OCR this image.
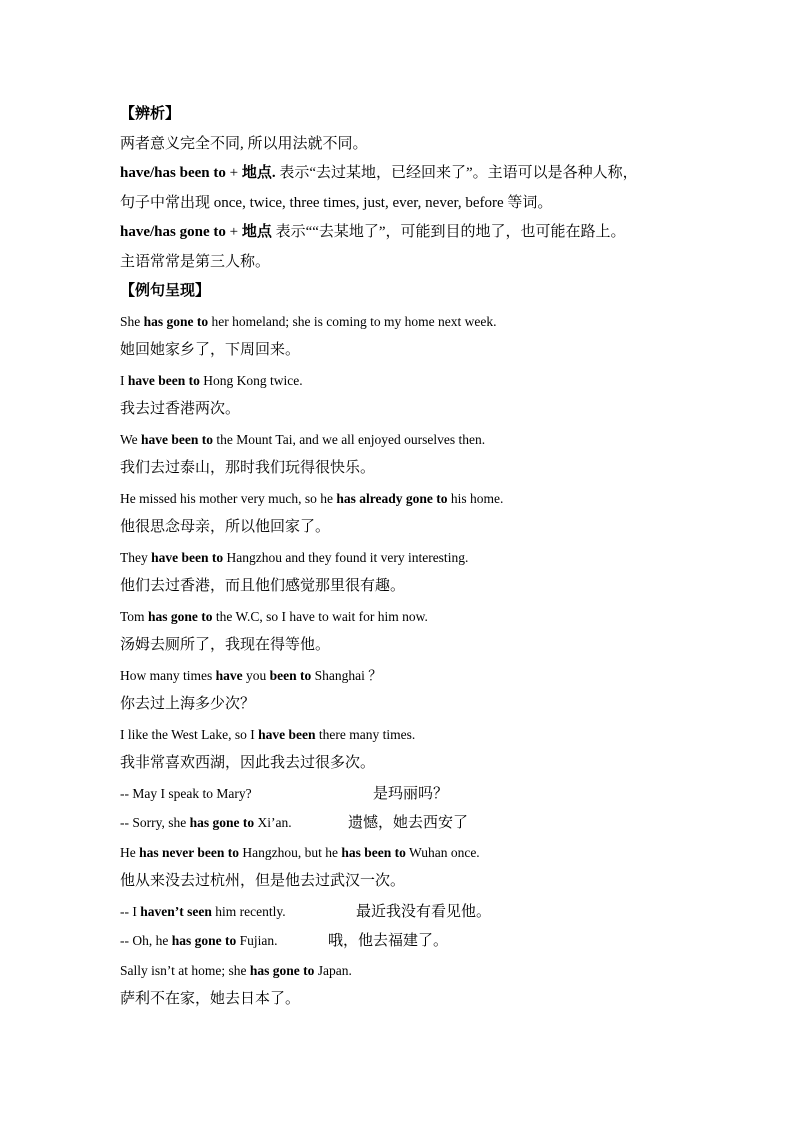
【辨析】
两者意义完全不同, 所以用法就不同。
have/has been to + 地点. 表示“去过某地，已经回来了”。主语可以是各种人称，
句子中常出现 once, twice, three times, just, ever, never, before 等词。
have/has gone to + 地点 表示““去某地了”，可能到目的地了，也可能在路上。
主语常常是第三人称。
【例句呈现】
She has gone to her homeland; she is coming to my home next week.
她回她家乡了，下周回来。
I have been to Hong Kong twice.
我去过香港两次。
We have been to the Mount Tai, and we all enjoyed ourselves then.
我们去过泰山，那时我们玩得很快乐。
He missed his mother very much, so he has already gone to his home.
他很思念母亲，所以他回家了。
They have been to Hangzhou and they found it very interesting.
他们去过香港，而且他们感觉那里很有趣。
Tom has gone to the W.C, so I have to wait for him now.
汤姆去厕所了，我现在得等他。
How many times have you been to Shanghai ？
你去过上海多少次？
I like the West Lake, so I have been there many times.
我非常喜欢西湖，因此我去过很多次。
-- May I speak to Mary?	是玛丽吗？
-- Sorry, she has gone to Xi’an.	遗憾，她去西安了
He has never been to Hangzhou, but he has been to Wuhan once.
他从来没去过杭州，但是他去过武汉一次。
-- I haven’t seen him recently.	最近我没有看见他。
-- Oh, he has gone to Fujian.	哦，他去福建了。
Sally isn’t at home; she has gone to Japan.
萨利不在家，她去日本了。
